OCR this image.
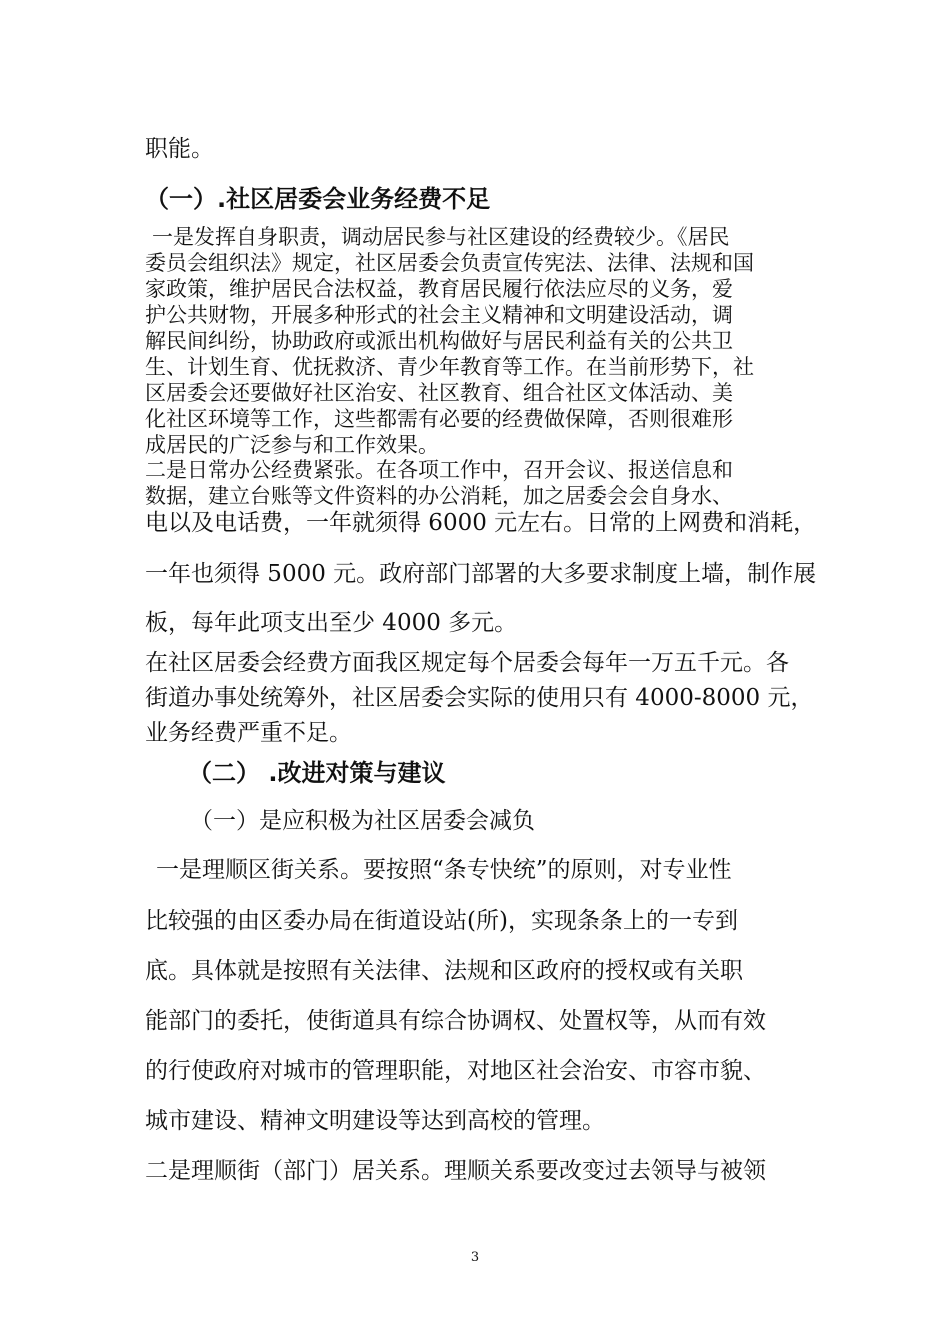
职能。
（一）.社区居委会业务经费不足
一是发挥自身职责，调动居民参与社区建设的经费较少。《居民
委员会组织法》规定，社区居委会负责宣传宪法、法律、法规和国
家政策，维护居民合法权益，教育居民履行依法应尽的义务，爱
护公共财物，开展多种形式的社会主义精神和文明建设活动，调
解民间纠纷，协助政府或派出机构做好与居民利益有关的公共卫
生、计划生育、优抚救济、青少年教育等工作。在当前形势下，社
区居委会还要做好社区治安、社区教育、组合社区文体活动、美
化社区环境等工作，这些都需有必要的经费做保障，否则很难形
成居民的广泛参与和工作效果。
二是日常办公经费紧张。在各项工作中，召开会议、报送信息和
数据，建立台账等文件资料的办公消耗，加之居委会会自身水、
电以及电话费，一年就须得 6000 元左右。日常的上网费和消耗，
一年也须得 5000 元。政府部门部署的大多要求制度上墙，制作展
板，每年此项支出至少 4000 多元。
在社区居委会经费方面我区规定每个居委会每年一万五千元。各
街道办事处统筹外，社区居委会实际的使用只有 4000-8000 元，
业务经费严重不足。
（二） .改进对策与建议
（一）是应积极为社区居委会减负
一是理顺区街关系。要按照“条专快统”的原则，对专业性
比较强的由区委办局在街道设站(所)，实现条条上的一专到
底。具体就是按照有关法律、法规和区政府的授权或有关职
能部门的委托，使街道具有综合协调权、处置权等，从而有效
的行使政府对城市的管理职能，对地区社会治安、市容市貌、
城市建设、精神文明建设等达到高校的管理。
二是理顺街（部门）居关系。理顺关系要改变过去领导与被领
3
